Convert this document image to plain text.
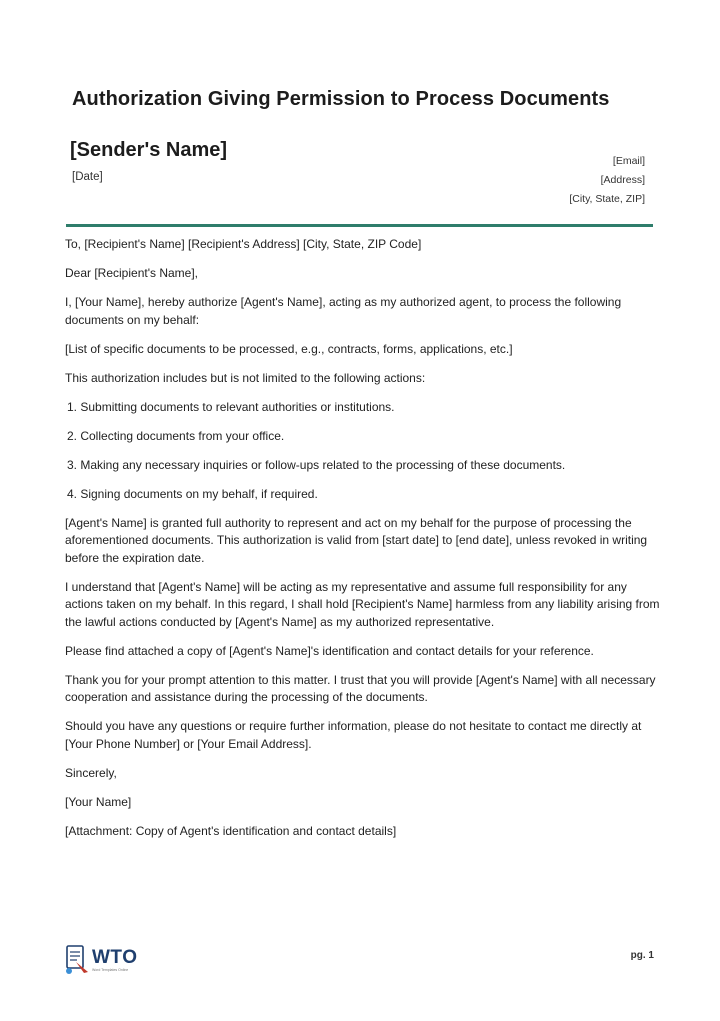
Authorization Giving Permission to Process Documents
[Sender's Name]
[Date]
[Email]
[Address]
[City, State, ZIP]

To, [Recipient's Name] [Recipient's Address] [City, State, ZIP Code]

Dear [Recipient's Name],

I, [Your Name], hereby authorize [Agent's Name], acting as my authorized agent, to process the following documents on my behalf:

[List of specific documents to be processed, e.g., contracts, forms, applications, etc.]

This authorization includes but is not limited to the following actions:

1. Submitting documents to relevant authorities or institutions.
2. Collecting documents from your office.
3. Making any necessary inquiries or follow-ups related to the processing of these documents.
4. Signing documents on my behalf, if required.

[Agent's Name] is granted full authority to represent and act on my behalf for the purpose of processing the aforementioned documents. This authorization is valid from [start date] to [end date], unless revoked in writing before the expiration date.

I understand that [Agent's Name] will be acting as my representative and assume full responsibility for any actions taken on my behalf. In this regard, I shall hold [Recipient's Name] harmless from any liability arising from the lawful actions conducted by [Agent's Name] as my authorized representative.

Please find attached a copy of [Agent's Name]'s identification and contact details for your reference.

Thank you for your prompt attention to this matter. I trust that you will provide [Agent's Name] with all necessary cooperation and assistance during the processing of the documents.

Should you have any questions or require further information, please do not hesitate to contact me directly at [Your Phone Number] or [Your Email Address].

Sincerely,

[Your Name]

[Attachment: Copy of Agent's identification and contact details]

WTO
Word Templates Online
pg. 1
